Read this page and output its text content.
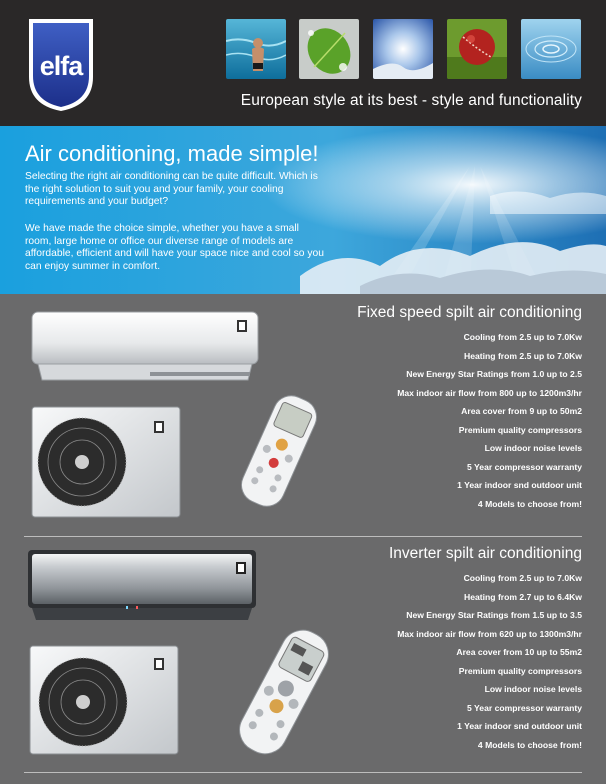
elfa
European style at its best - style and functionality
Air conditioning, made simple!
Selecting the right air conditioning can be quite difficult. Which is the right solution to suit you and your family, your cooling requirements and your budget?
We have made the choice simple, whether you have a small room, large home or office our diverse range of models are affordable, efficient and will have your space nice and cool so you can enjoy summer in comfort.
Fixed speed spilt air conditioning
Cooling from 2.5 up to 7.0Kw
Heating from 2.5 up to 7.0Kw
New Energy Star Ratings from 1.0 up to 2.5
Max indoor air flow from 800 up to 1200m3/hr
Area cover from 9 up to 50m2
Premium quality compressors
Low indoor noise levels
5 Year compressor warranty
1 Year indoor snd outdoor unit
4 Models to choose from!
Inverter spilt air conditioning
Cooling from 2.5 up to 7.0Kw
Heating from 2.7 up to 6.4Kw
New Energy Star Ratings from 1.5 up to 3.5
Max indoor air flow from 620 up to 1300m3/hr
Area cover from 10 up to 55m2
Premium quality compressors
Low indoor noise levels
5 Year compressor warranty
1 Year indoor snd outdoor unit
4 Models to choose from!
